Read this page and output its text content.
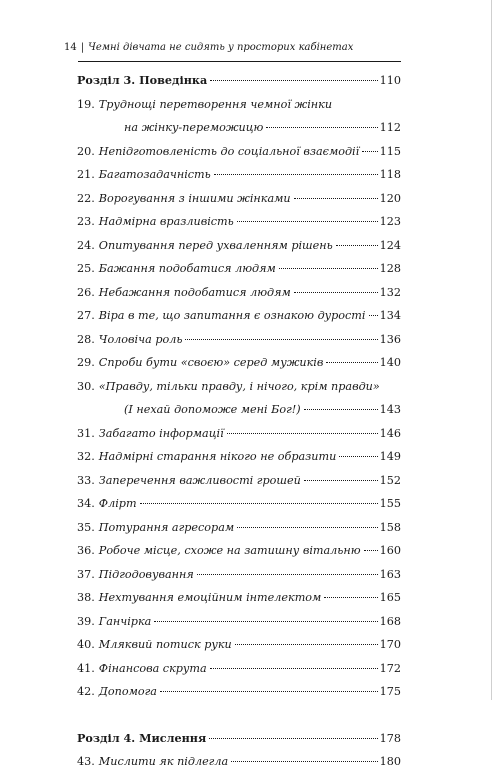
14 | Чемні дівчата не сидять у просторих кабінетах
Розділ 3. Поведінка	110
19. Труднощі перетворення чемної жінки
на жінку-переможицю	112
20. Непідготовленість до соціальної взаємодії 115
21. Багатозадачність	118
22. Ворогування з іншими жінками	120
23. Надмірна вразливість	123
24. Опитування перед ухваленням рішень	124
25. Бажання подобатися людям	128
26. Небажання подобатися людям	132
27. Віра в те, що запитання є ознакою дурості 134
28. Чоловіча роль	136
29. Спроби бути «своєю» серед мужиків	140
30. «Правду, тільки правду, і нічого, крім правди»
(І нехай допоможе мені Бог!)	143
31. Забагато інформації	146
32. Надмірні старання нікого не образити	149
33. Заперечення важливості грошей	152
34. Флірт	155
35. Потурання агресорам	158
36. Робоче місце, схоже на затишну вітальню 160
37. Підгодовування	163
38. Нехтування емоційним інтелектом	165
39. Ганчірка	168
40. Мляквий потиск руки	170
41. Фінансова скрута	172
42. Допомога	175
Розділ 4. Мислення	178
43. Мислити як підлегла	180
